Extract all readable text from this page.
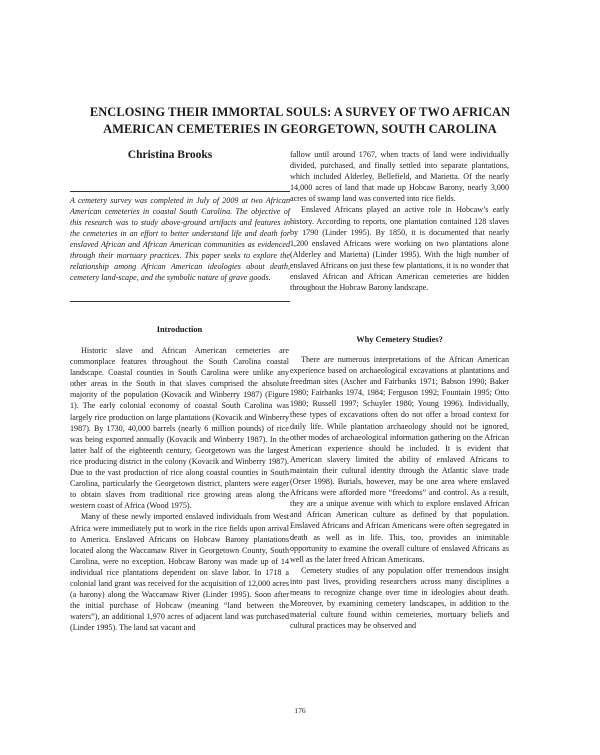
ENCLOSING THEIR IMMORTAL SOULS: A SURVEY OF TWO AFRICAN
AMERICAN CEMETERIES IN GEORGETOWN, SOUTH CAROLINA
Christina Brooks
A cemetery survey was completed in July of 2009 at two African American cemeteries in coastal South Carolina. The objective of this research was to study above-ground artifacts and features in the cemeteries in an effort to better understand life and death for enslaved African and African American communities as evidenced through their mortuary practices. This paper seeks to explore the relationship among African American ideologies about death, cemetery land-scape, and the symbolic nature of grave goods.
Introduction

Historic slave and African American cemeteries are commonplace features throughout the South Carolina coastal landscape. Coastal counties in South Carolina were unlike any other areas in the South in that slaves comprised the absolute majority of the population (Kovacik and Winberry 1987) (Figure 1). The early colonial economy of coastal South Carolina was largely rice production on large plantations (Kovacik and Winberry 1987). By 1730, 40,000 barrels (nearly 6 million pounds) of rice was being exported annually (Kovacik and Winberry 1987). In the latter half of the eighteenth century, Georgetown was the largest rice producing district in the colony (Kovacik and Winberry 1987). Due to the vast production of rice along coastal counties in South Carolina, particularly the Georgetown district, planters were eager to obtain slaves from traditional rice growing areas along the western coast of Africa (Wood 1975).

Many of these newly imported enslaved individuals from West Africa were immediately put to work in the rice fields upon arrival to America. Enslaved Africans on Hobcaw Barony plantations located along the Waccamaw River in Georgetown County, South Carolina, were no exception. Hobcaw Barony was made up of 14 individual rice plantations dependent on slave labor. In 1718 a colonial land grant was received for the acquisition of 12,000 acres (a barony) along the Waccamaw River (Linder 1995). Soon after the initial purchase of Hobcaw (meaning “land between the waters”), an additional 1,970 acres of adjacent land was purchased (Linder 1995). The land sat vacant and

fallow until around 1767, when tracts of land were individually divided, purchased, and finally settled into separate plantations, which included Alderley, Bellefield, and Marietta. Of the nearly 14,000 acres of land that made up Hobcaw Barony, nearly 3,000 acres of swamp land was converted into rice fields.

Enslaved Africans played an active role in Hobcaw’s early history. According to reports, one plantation contained 128 slaves by 1790 (Linder 1995). By 1850, it is documented that nearly 1,200 enslaved Africans were working on two plantations alone (Alderley and Marietta) (Linder 1995). With the high number of enslaved Africans on just these few plantations, it is no wonder that enslaved African and African American cemeteries are hidden throughout the Hobcaw Barony landscape.

Why Cemetery Studies?

There are numerous interpretations of the African American experience based on archaeological excavations at plantations and freedman sites (Ascher and Fairbanks 1971; Babson 1990; Baker 1980; Fairbanks 1974, 1984; Ferguson 1992; Fountain 1995; Otto 1980; Russell 1997; Schuyler 1980; Young 1996). Individually, these types of excavations often do not offer a broad context for daily life. While plantation archaeology should not be ignored, other modes of archaeological information gathering on the African American experience should be included. It is evident that American slavery limited the ability of enslaved Africans to maintain their cultural identity through the Atlantic slave trade (Orser 1998). Burials, however, may be one area where enslaved Africans were afforded more “freedoms” and control. As a result, they are a unique avenue with which to explore enslaved African and African American culture as defined by that population. Enslaved Africans and African Americans were often segregated in death as well as in life. This, too, provides an inimitable opportunity to examine the overall culture of enslaved Africans as well as the later freed African Americans.

Cemetery studies of any population offer tremendous insight into past lives, providing researchers across many disciplines a means to recognize change over time in ideologies about death. Moreover, by examining cemetery landscapes, in addition to the material culture found within cemeteries, mortuary beliefs and cultural practices may be observed and

176
